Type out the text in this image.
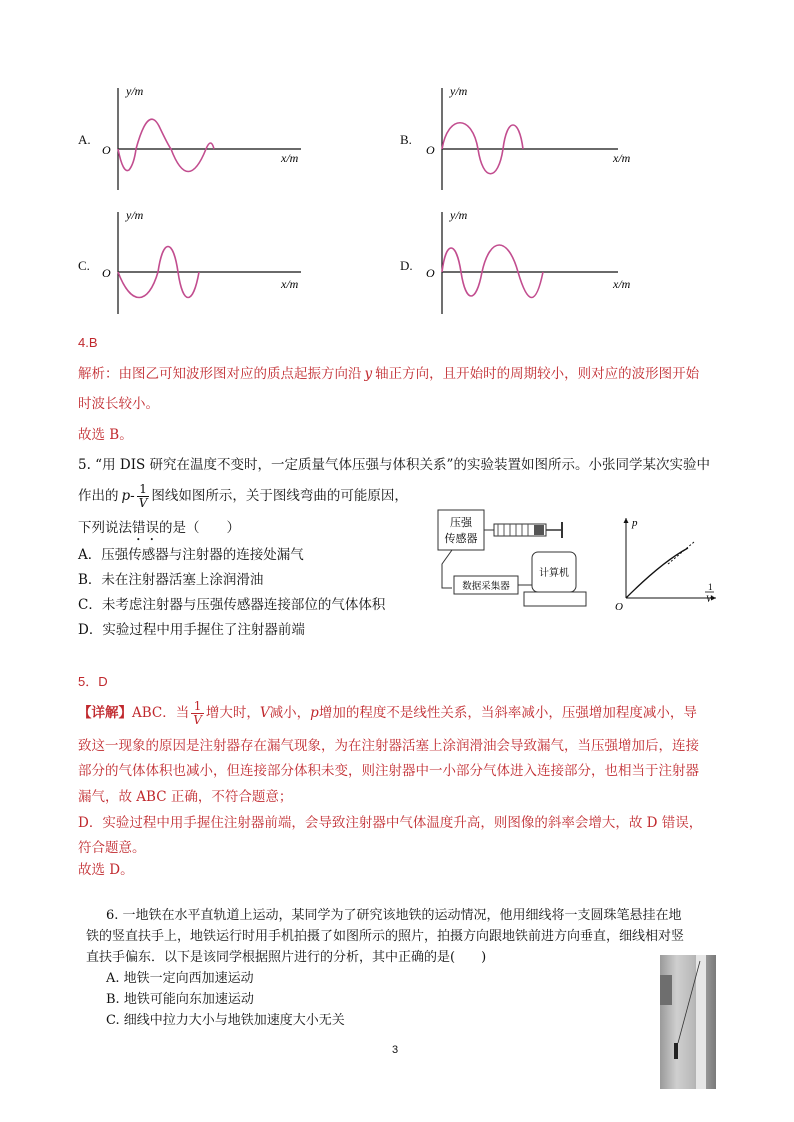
A.
y/m
O
x/m
B.
y/m
O
x/m
C.
y/m
O
x/m
D.
y/m
O
x/m
4.B
解析：由图乙可知波形图对应的质点起振方向沿 y 轴正方向，且开始时的周期较小，则对应的波形图开始
时波长较小。
故选 B。
5. “用 DIS 研究在温度不变时，一定质量气体压强与体积关系”的实验装置如图所示。小张同学某次实验中
作出的 $p- \frac{1}{V}$ 图线如图所示，关于图线弯曲的可能原因，
下列说法错误的是（　　）
A．压强传感器与注射器的连接处漏气
B．未在注射器活塞上涂润滑油
C．未考虑注射器与压强传感器连接部位的气体体积
D．实验过程中用手握住了注射器前端
压强
传感器
数据采集器
计算机
p
O
1
V
5．D
【详解】ABC．当 $\frac{1}{V}$ 增大时，V减小，p增加的程度不是线性关系，当斜率减小，压强增加程度减小，导
致这一现象的原因是注射器存在漏气现象，为在注射器活塞上涂润滑油会导致漏气，当压强增加后，连接
部分的气体体积也减小，但连接部分体积未变，则注射器中一小部分气体进入连接部分，也相当于注射器
漏气，故 ABC 正确，不符合题意；
D．实验过程中用手握住注射器前端，会导致注射器中气体温度升高，则图像的斜率会增大，故 D 错误，
符合题意。
故选 D。
6. 一地铁在水平直轨道上运动，某同学为了研究该地铁的运动情况，他用细线将一支圆珠笔悬挂在地
铁的竖直扶手上，地铁运行时用手机拍摄了如图所示的照片，拍摄方向跟地铁前进方向垂直，细线相对竖
直扶手偏东．以下是该同学根据照片进行的分析，其中正确的是(　　)
A. 地铁一定向西加速运动
B. 地铁可能向东加速运动
C. 细线中拉力大小与地铁加速度大小无关
3
